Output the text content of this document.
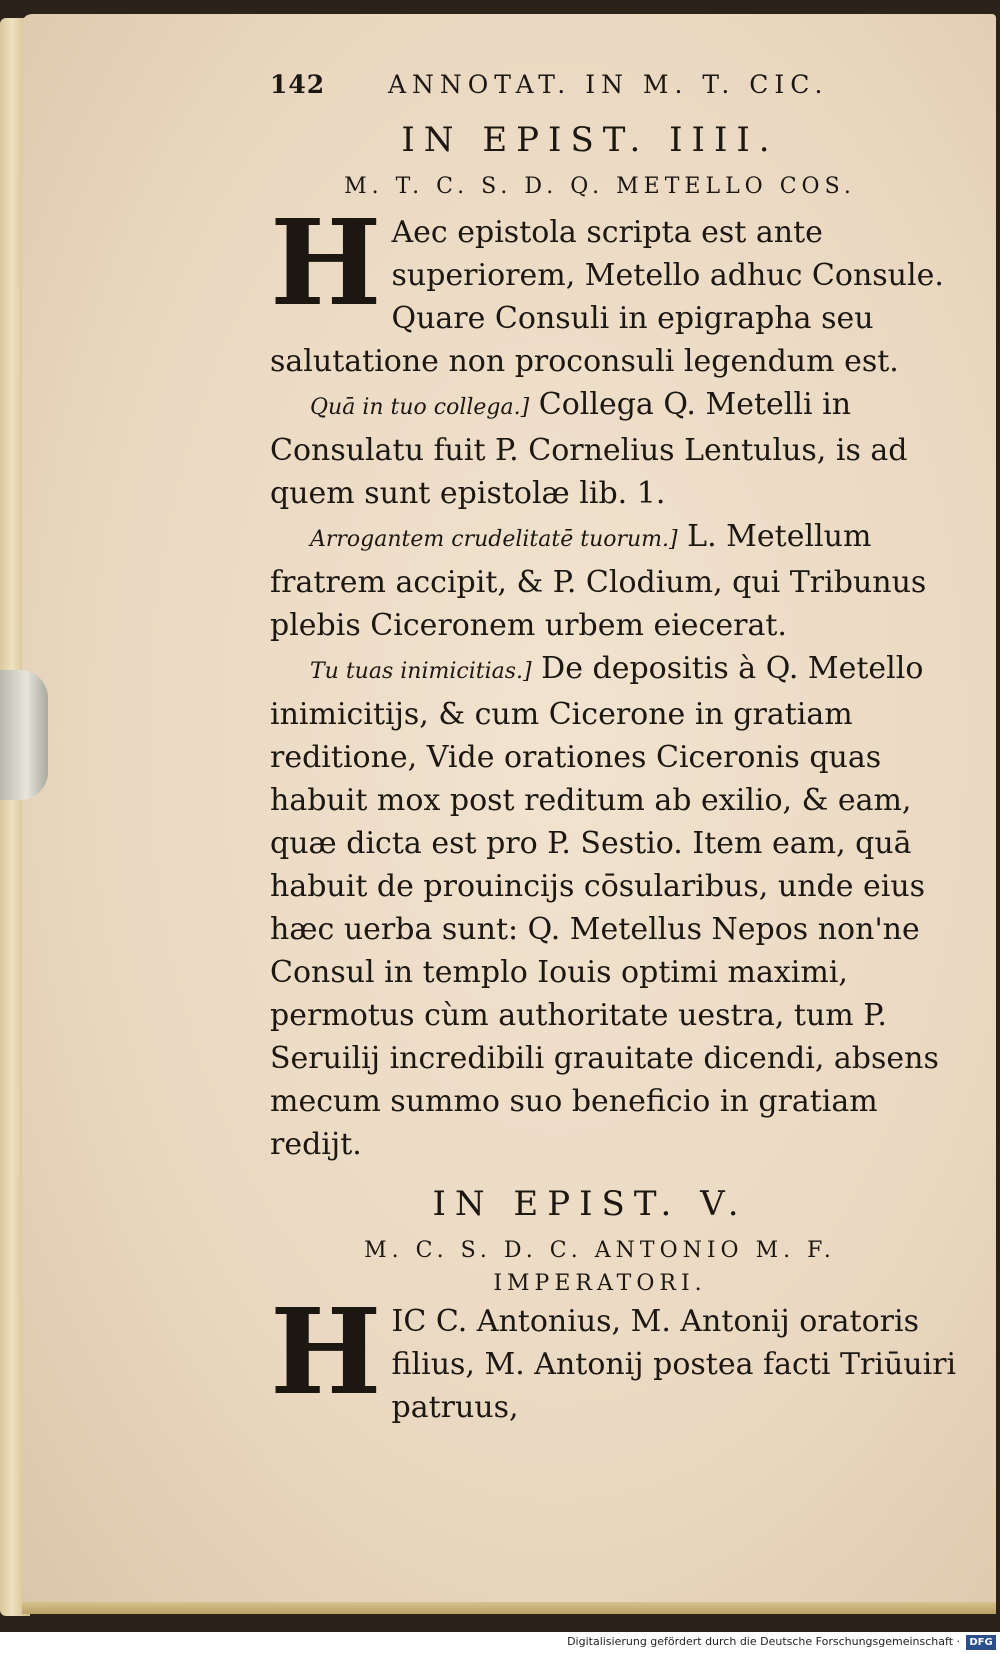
142	ANNOTAT. IN M. T. CIC.
IN EPIST. IIII.
M. T. C. S. D. Q. METELLO COS.

H Aec epistola scripta est ante superiorem, Metello adhuc Consule. Quare Consuli in epigrapha seu salutatione non proconsuli legendum est.

Quā in tuo collega.] Collega Q. Metelli in Consulatu fuit P. Cornelius Lentulus, is ad quem sunt epistolæ lib. 1.

Arrogantem crudelitatē tuorum.] L. Metellum fratrem accipit, & P. Clodium, qui Tribunus plebis Ciceronem urbem eiecerat.

Tu tuas inimicitias.] De depositis à Q. Metello inimicitijs, & cum Cicerone in gratiam reditione, Vide orationes Ciceronis quas habuit mox post reditum ab exilio, & eam, quæ dicta est pro P. Sestio. Item eam, quā habuit de prouincijs cōsularibus, unde eius hæc uerba sunt: Q. Metellus Nepos non'ne Consul in templo Iouis optimi maximi, permotus cùm authoritate uestra, tum P. Seruilij incredibili grauitate dicendi, absens mecum summo suo beneficio in gratiam redijt.

IN EPIST. V.
M. C. S. D. C. ANTONIO M. F.
IMPERATORI.

HIC C. Antonius, M. Antonij oratoris filius, M. Antonij postea facti Triūuiri patruus,

Digitalisierung gefördert durch die Deutsche Forschungsgemeinschaft · DFG
